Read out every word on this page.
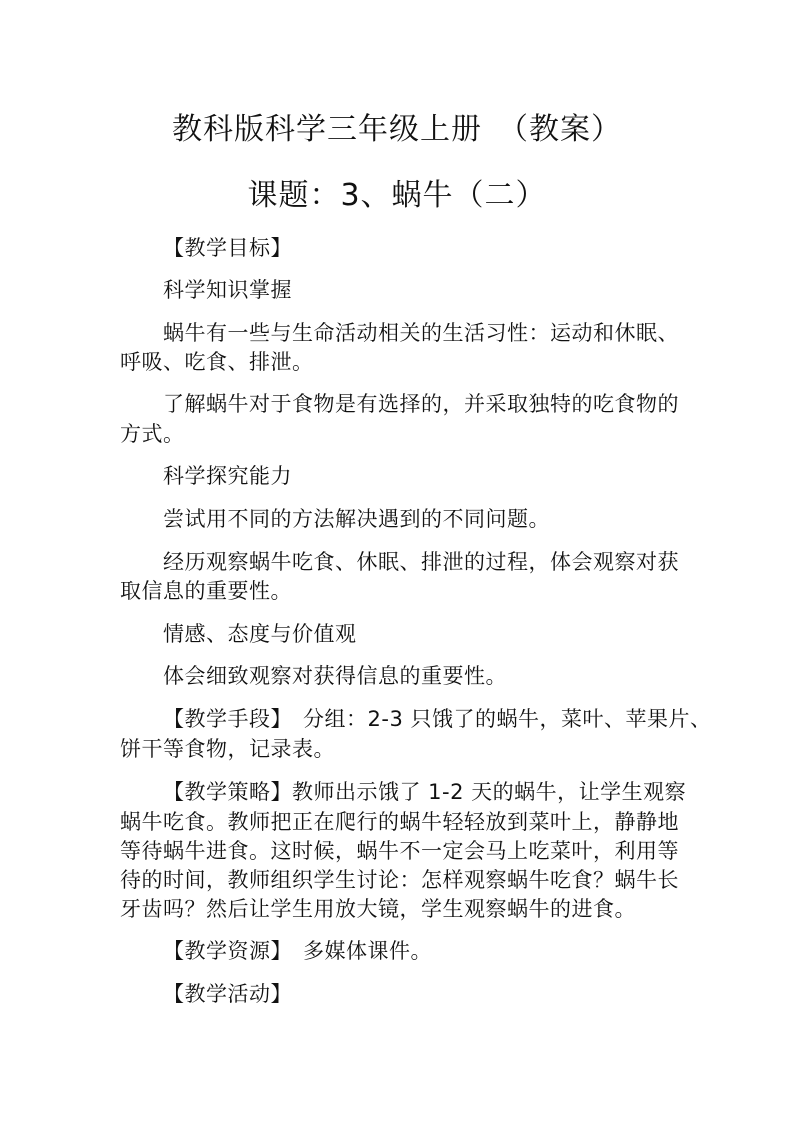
教科版科学三年级上册　（教案）
课题：3、蜗牛（二）
【教学目标】
科学知识掌握
蜗牛有一些与生命活动相关的生活习性：运动和休眠、
呼吸、吃食、排泄。
了解蜗牛对于食物是有选择的，并采取独特的吃食物的
方式。
科学探究能力
尝试用不同的方法解决遇到的不同问题。
经历观察蜗牛吃食、休眠、排泄的过程，体会观察对获
取信息的重要性。
情感、态度与价值观
体会细致观察对获得信息的重要性。
【教学手段】　分组：2-3 只饿了的蜗牛，菜叶、苹果片、
饼干等食物，记录表。
【教学策略】教师出示饿了 1-2 天的蜗牛，让学生观察
蜗牛吃食。教师把正在爬行的蜗牛轻轻放到菜叶上，静静地
等待蜗牛进食。这时候，蜗牛不一定会马上吃菜叶，利用等
待的时间，教师组织学生讨论：怎样观察蜗牛吃食？蜗牛长
牙齿吗？然后让学生用放大镜，学生观察蜗牛的进食。
【教学资源】　多媒体课件。
【教学活动】
